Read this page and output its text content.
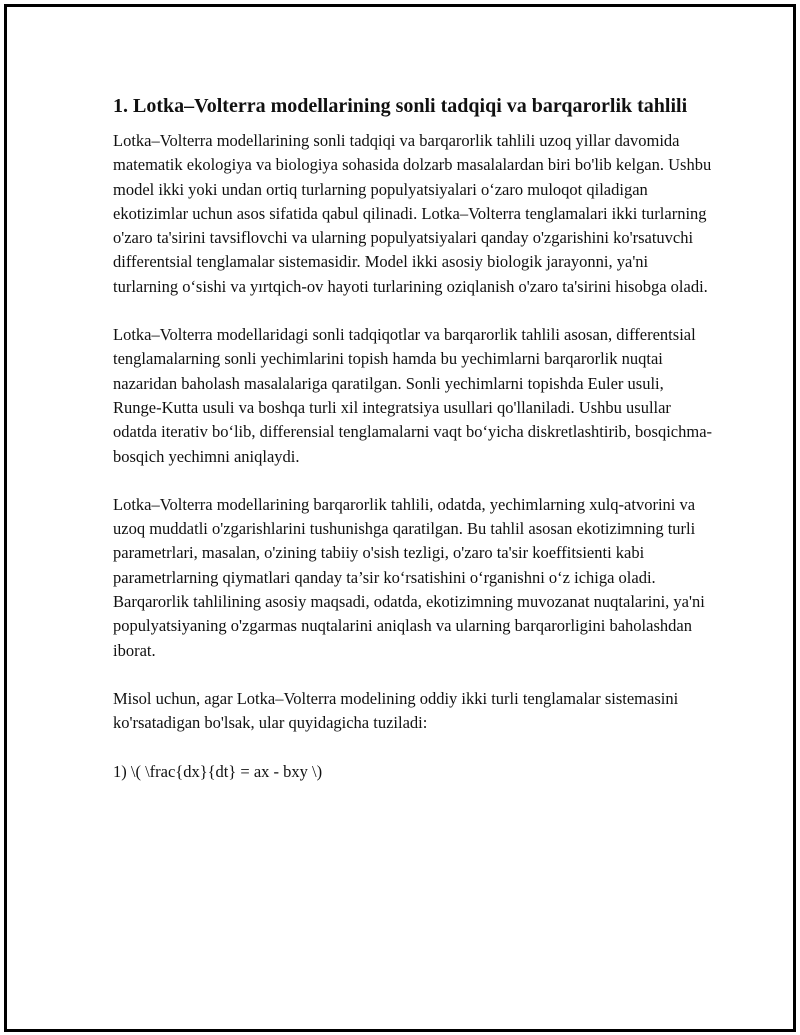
1. Lotka–Volterra modellarining sonli tadqiqi va barqarorlik tahlili

Lotka–Volterra modellarining sonli tadqiqi va barqarorlik tahlili uzoq yillar davomida matematik ekologiya va biologiya sohasida dolzarb masalalardan biri bo'lib kelgan. Ushbu model ikki yoki undan ortiq turlarning populyatsiyalari o‘zaro muloqot qiladigan ekotizimlar uchun asos sifatida qabul qilinadi. Lotka–Volterra tenglamalari ikki turlarning o'zaro ta'sirini tavsiflovchi va ularning populyatsiyalari qanday o'zgarishini ko'rsatuvchi differentsial tenglamalar sistemasidir. Model ikki asosiy biologik jarayonni, ya'ni turlarning o‘sishi va yırtqich-ov hayoti turlarining oziqlanish o'zaro ta'sirini hisobga oladi.

Lotka–Volterra modellaridagi sonli tadqiqotlar va barqarorlik tahlili asosan, differentsial tenglamalarning sonli yechimlarini topish hamda bu yechimlarni barqarorlik nuqtai nazaridan baholash masalalariga qaratilgan. Sonli yechimlarni topishda Euler usuli, Runge-Kutta usuli va boshqa turli xil integratsiya usullari qo'llaniladi. Ushbu usullar odatda iterativ bo‘lib, differensial tenglamalarni vaqt bo‘yicha diskretlashtirib, bosqichma-bosqich yechimni aniqlaydi.

Lotka–Volterra modellarining barqarorlik tahlili, odatda, yechimlarning xulq-atvorini va uzoq muddatli o'zgarishlarini tushunishga qaratilgan. Bu tahlil asosan ekotizimning turli parametrlari, masalan, o'zining tabiiy o'sish tezligi, o'zaro ta'sir koeffitsienti kabi parametrlarning qiymatlari qanday ta’sir ko‘rsatishini o‘rganishni o‘z ichiga oladi. Barqarorlik tahlilining asosiy maqsadi, odatda, ekotizimning muvozanat nuqtalarini, ya'ni populyatsiyaning o'zgarmas nuqtalarini aniqlash va ularning barqarorligini baholashdan iborat.

Misol uchun, agar Lotka–Volterra modelining oddiy ikki turli tenglamalar sistemasini ko'rsatadigan bo'lsak, ular quyidagicha tuziladi:

1) \( \frac{dx}{dt} = ax - bxy \)
